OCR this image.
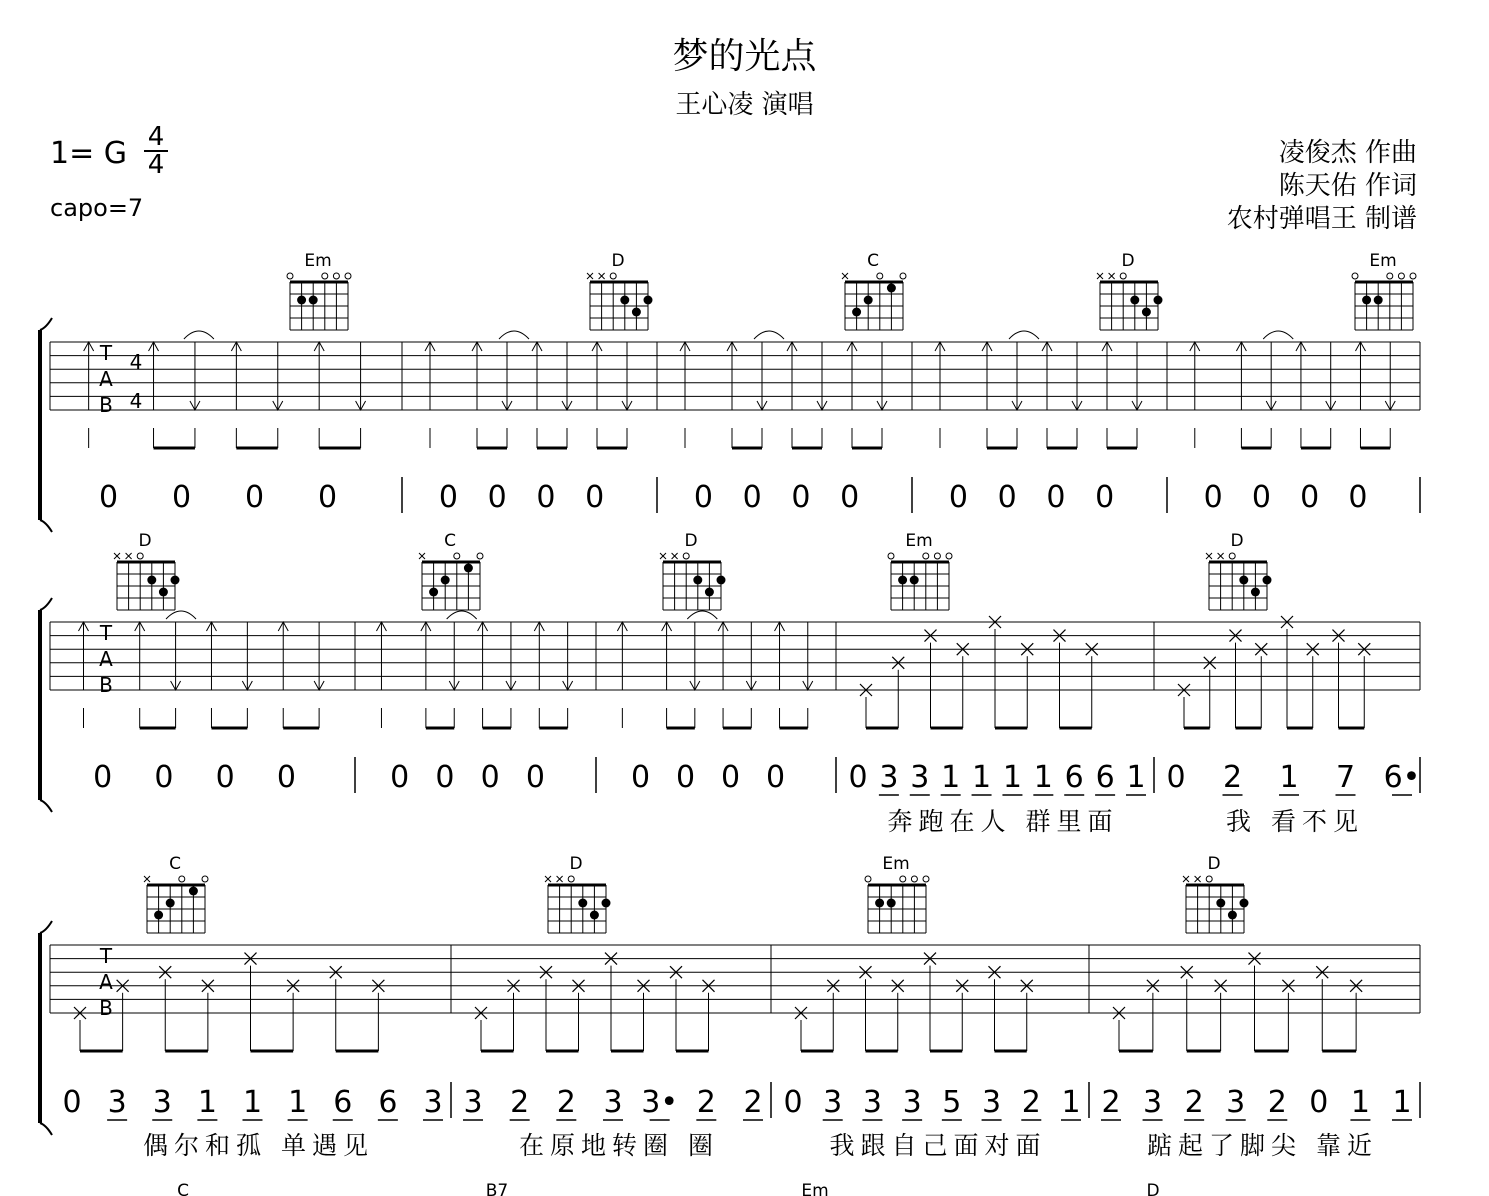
梦的光点
王心凌 演唱
1= G 4
4
capo=7
凌俊杰 作曲
陈天佑 作词
农村弹唱王 制谱
T
A
B
4
4
0 0 0 0	0 0 0 0	0 0 0 0	0 0 0 0	0 0 0 0
Em	D	C	D	Em
T
A
B
0 0 0 0	0 0 0 0	0 0 0 0 0 3 3 1 1 1 1 6 6 1
奔跑在人 群里面
0 2 1 7 6•
我 看不见
D	C	D	Em	D
T
A
B
0 3 3 1 1 1 6 6 3
偶尔和孤 单遇见
3 2 2 3 3• 2 2
在原地转圈 圈
0 3 3 3 5 3 2 1
我跟自己面对面
2 3 2 3 2 0 1 1
踮起了脚尖 靠近
C	D	Em	D
C	B7	Em	D
